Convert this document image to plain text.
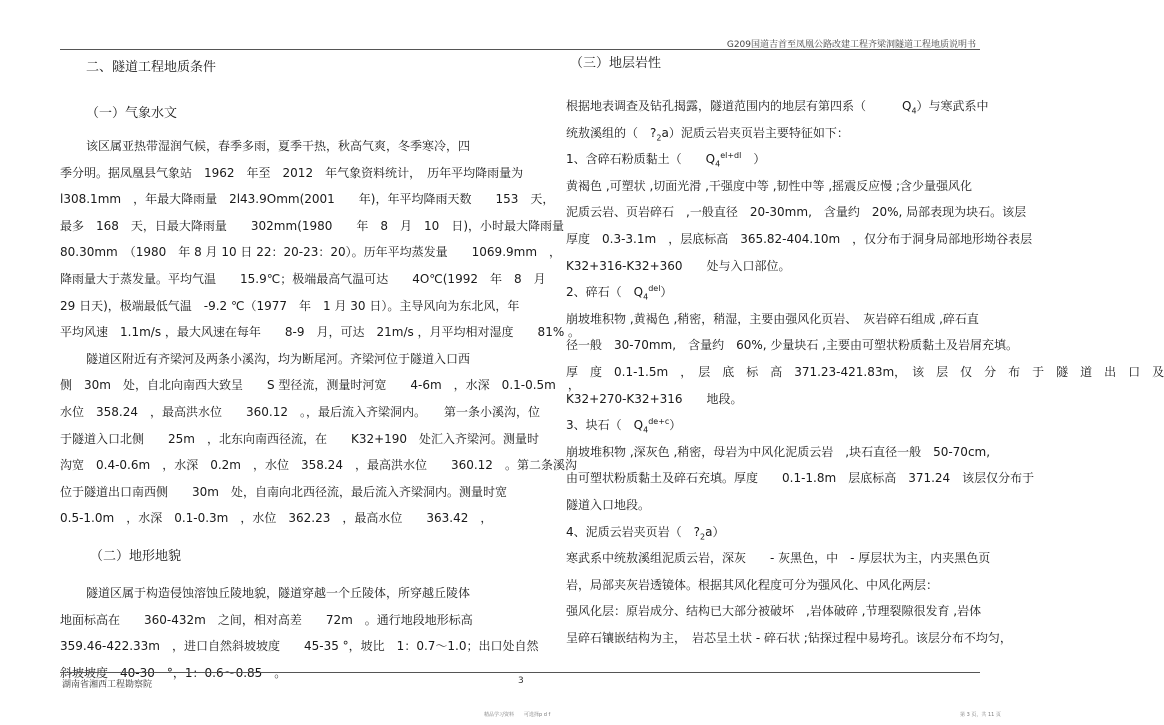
G209国道吉首至凤凰公路改建工程齐梁洞隧道工程地质说明书

二、隧道工程地质条件

（一）气象水文

该区属亚热带湿润气候，春季多雨，夏季干热，秋高气爽，冬季寒冷，四

季分明。据凤凰县气象站　1962　年至　2012　年气象资料统计，　历年平均降雨量为

l308.1mm　，年最大降雨量　2l43.9Omm(2001　　年)，年平均降雨天数　　153　天，

最多　168　天，日最大降雨量　　302mm(1980　　年　8　月　10　日)，小时最大降雨量

80.30mm　（1980　年 8 月 10 日 22：20-23：20）。历年平均蒸发量　　1069.9mm　，

降雨量大于蒸发量。平均气温　　15.9℃；极端最高气温可达　　4O℃(1992　年　8　月

29 日天)，极端最低气温　-9.2 ℃（1977　年　1 月 30 日）。主导风向为东北风，年

平均风速　1.1m/s ，最大风速在每年　　8-9　月，可达　21m/s ，月平均相对湿度　　81% 。

隧道区附近有齐梁河及两条小溪沟，均为断尾河。齐梁河位于隧道入口西

侧　30m　处，自北向南西大致呈　　S 型径流，测量时河宽　　4-6m　，水深　0.1-0.5m　，

水位　358.24　，最高洪水位　　360.12　。，最后流入齐梁洞内。　　第一条小溪沟，位

于隧道入口北侧　　25m　，北东向南西径流，在　　K32+190　处汇入齐梁河。测量时

沟宽　0.4-0.6m　，水深　0.2m　，水位　358.24　，最高洪水位　　360.12　。第二条溪沟

位于隧道出口南西侧　　30m　处，自南向北西径流，最后流入齐梁洞内。测量时宽

0.5-1.0m　，水深　0.1-0.3m　，水位　362.23　，最高水位　　363.42　，

（二）地形地貌

隧道区属于构造侵蚀溶蚀丘陵地貌，隧道穿越一个丘陵体，所穿越丘陵体

地面标高在　　360-432m　之间，相对高差　　72m　。通行地段地形标高

359.46-422.33m　，进口自然斜坡坡度　　45-35 °，坡比　1：0.7～1.0；出口处自然

斜坡坡度　40-30　°，1：0.6～0.85　。

（三）地层岩性

根据地表调查及钻孔揭露，隧道范围内的地层有第四系（　　　$Q_4$）与寒武系中

统敖溪组的（　$?_2a$）泥质云岩夹页岩主要特征如下：

1、含碎石粉质黏土（　　$Q_4^{el+dl}$　）

黄褐色 ,可塑状 ,切面光滑 ,干强度中等 ,韧性中等 ,摇震反应慢 ;含少量强风化

泥质云岩、页岩碎石　,一般直径　20-30mm,　含量约　20%, 局部表现为块石。该层

厚度　0.3-3.1m　，层底标高　365.82-404.10m　，仅分布于洞身局部地形坳谷表层

K32+316-K32+360　　处与入口部位。

2、碎石（　$Q_4^{del}$）

崩坡堆积物 ,黄褐色 ,稍密，稍湿，主要由强风化页岩、　灰岩碎石组成 ,碎石直

径一般　30-70mm,　含量约　60%, 少量块石 ,主要由可塑状粉质黏土及岩屑充填。

厚　度　0.1-1.5m　，　层　底　标　高　371.23-421.83m，　该　层　仅　分　布　于　隧　道　出　口　及

K32+270-K32+316　　地段。

3、块石（　$Q_4^{de+c}$）

崩坡堆积物 ,深灰色 ,稍密，母岩为中风化泥质云岩　,块石直径一般　50-70cm,

由可塑状粉质黏土及碎石充填。厚度　　0.1-1.8m　层底标高　371.24　该层仅分布于

隧道入口地段。

4、泥质云岩夹页岩（　$?_2a$）

寒武系中统敖溪组泥质云岩，深灰　　- 灰黑色，中　- 厚层状为主，内夹黑色页

岩，局部夹灰岩透镜体。根据其风化程度可分为强风化、中风化两层：

强风化层：原岩成分、结构已大部分被破坏　,岩体破碎 ,节理裂隙很发育 ,岩体

呈碎石镶嵌结构为主，　岩芯呈土状 - 碎石状 ;钻探过程中易垮孔。该层分布不均匀，

湖南省湘西工程勘察院	3
精品学习资料　　可选择p d f	第 3 页，共 11 页
